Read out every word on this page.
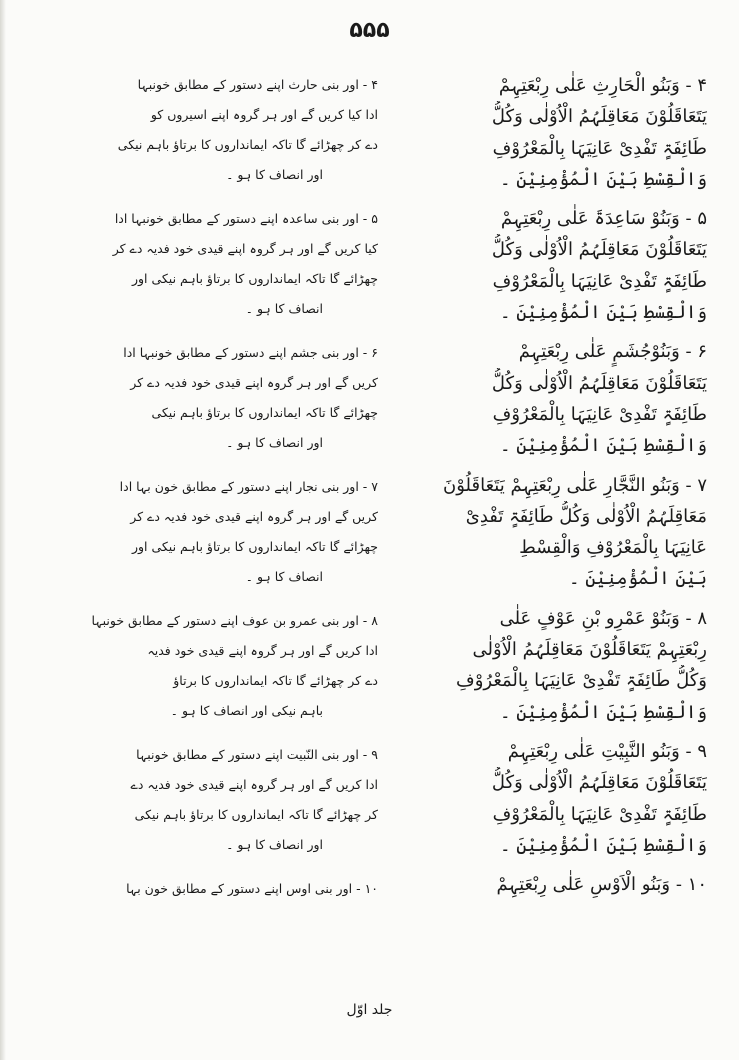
۵۵۵
۴ - وَبَنُو الْحَارِثِ عَلٰی رِبْعَتِہِمْ
یَتَعَاقَلُوْنَ مَعَاقِلَہُمُ الْاُوْلٰی وَکُلُّ
طَائِفَۃٍ تَفْدِیْ عَانِیَہَا بِالْمَعْرُوْفِ
وَالْقِسْطِ بَیْنَ الْمُؤْمِنِیْنَ ۔
۵ - وَبَنُوْ سَاعِدَۃَ عَلٰی رِبْعَتِہِمْ
یَتَعَاقَلُوْنَ مَعَاقِلَہُمُ الْاُوْلٰی وَکُلُّ
طَائِفَۃٍ تَفْدِیْ عَانِیَہَا بِالْمَعْرُوْفِ
وَالْقِسْطِ بَیْنَ الْمُؤْمِنِیْنَ ۔
۶ - وَبَنُوْجُشَمٍ عَلٰی رِبْعَتِہِمْ
یَتَعَاقَلُوْنَ مَعَاقِلَہُمُ الْاُوْلٰی وَکُلُّ
طَائِفَۃٍ تَفْدِیْ عَانِیَہَا بِالْمَعْرُوْفِ
وَالْقِسْطِ بَیْنَ الْمُؤْمِنِیْنَ ۔
۷ - وَبَنُو النَّجَّارِ عَلٰی رِبْعَتِہِمْ یَتَعَاقَلُوْنَ
مَعَاقِلَہُمُ الْاُوْلٰی وَکُلُّ طَائِفَۃٍ تَفْدِیْ
عَانِیَہَا بِالْمَعْرُوْفِ وَالْقِسْطِ
بَیْنَ الْمُؤْمِنِیْنَ ۔
۸ - وَبَنُوْ عَمْرِو بْنِ عَوْفٍ عَلٰی
رِبْعَتِہِمْ یَتَعَاقَلُوْنَ مَعَاقِلَہُمُ الْاُوْلٰی
وَکُلُّ طَائِفَۃٍ تَفْدِیْ عَانِیَہَا بِالْمَعْرُوْفِ
وَالْقِسْطِ بَیْنَ الْمُؤْمِنِیْنَ ۔
۹ - وَبَنُو النَّبِیْتِ عَلٰی رِبْعَتِہِمْ
یَتَعَاقَلُوْنَ مَعَاقِلَہُمُ الْاُوْلٰی وَکُلُّ
طَائِفَۃٍ تَفْدِیْ عَانِیَہَا بِالْمَعْرُوْفِ
وَالْقِسْطِ بَیْنَ الْمُؤْمِنِیْنَ ۔
۱۰ - وَبَنُو الْاَوْسِ عَلٰی رِبْعَتِہِمْ
۴ - اور بنی حارث اپنے دستور کے مطابق خونبہا
ادا کیا کریں گے اور ہر گروہ اپنے اسیروں کو
دے کر چھڑائے گا تاکہ ایمانداروں کا برتاؤ باہم نیکی
اور انصاف کا ہو ۔
۵ - اور بنی ساعدہ اپنے دستور کے مطابق خونبہا ادا
کیا کریں گے اور ہر گروہ اپنے قیدی خود فدیہ دے کر
چھڑائے گا تاکہ ایمانداروں کا برتاؤ باہم نیکی اور
انصاف کا ہو ۔
۶ - اور بنی جشم اپنے دستور کے مطابق خونبہا ادا
کریں گے اور ہر گروہ اپنے قیدی خود فدیہ دے کر
چھڑائے گا تاکہ ایمانداروں کا برتاؤ باہم نیکی
اور انصاف کا ہو ۔
۷ - اور بنی نجار اپنے دستور کے مطابق خون بہا ادا
کریں گے اور ہر گروہ اپنے قیدی خود فدیہ دے کر
چھڑائے گا تاکہ ایمانداروں کا برتاؤ باہم نیکی اور
انصاف کا ہو ۔
۸ - اور بنی عمرو بن عوف اپنے دستور کے مطابق خونبہا
ادا کریں گے اور ہر گروہ اپنے قیدی خود فدیہ
دے کر چھڑائے گا تاکہ ایمانداروں کا برتاؤ
باہم نیکی اور انصاف کا ہو ۔
۹ - اور بنی النّبیت اپنے دستور کے مطابق خونبہا
ادا کریں گے اور ہر گروہ اپنے قیدی خود فدیہ دے
کر چھڑائے گا تاکہ ایمانداروں کا برتاؤ باہم نیکی
اور انصاف کا ہو ۔
۱۰ - اور بنی اوس اپنے دستور کے مطابق خون بہا
جلد اوّل
